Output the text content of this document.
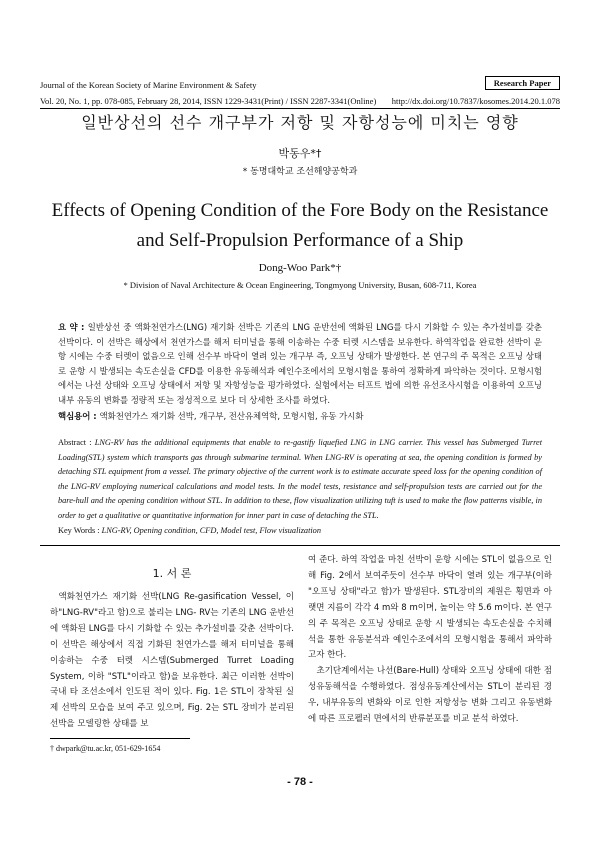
Journal of the Korean Society of Marine Environment & Safety	Research Paper
Vol. 20, No. 1, pp. 078-085, February 28, 2014, ISSN 1229-3431(Print) / ISSN 2287-3341(Online) http://dx.doi.org/10.7837/kosomes.2014.20.1.078
일반상선의 선수 개구부가 저항 및 자항성능에 미치는 영향
박동우*†
* 동명대학교 조선해양공학과
Effects of Opening Condition of the Fore Body on the Resistance and Self-Propulsion Performance of a Ship
Dong-Woo Park*†
* Division of Naval Architecture & Ocean Engineering, Tongmyong University, Busan, 608-711, Korea
요 약 : 일반상선 중 액화천연가스(LNG) 재기화 선박은 기존의 LNG 운반선에 액화된 LNG를 다시 기화할 수 있는 추가설비를 갖춘 선박이다. 이 선박은 해상에서 천연가스를 해저 터미널을 통해 이송하는 수중 터렛 시스템을 보유한다. 하역작업을 완료한 선박이 운항 시에는 수중 터렛이 없음으로 인해 선수부 바닥이 열려 있는 개구부 즉, 오프닝 상태가 발생한다. 본 연구의 주 목적은 오프닝 상태로 운항 시 발생되는 속도손실을 CFD를 이용한 유동해석과 예인수조에서의 모형시험을 통하여 정확하게 파악하는 것이다. 모형시험에서는 나선 상태와 오프닝 상태에서 저항 및 자항성능을 평가하였다. 실험에서는 터프트 법에 의한 유선조사시험을 이용하여 오프닝 내부 유동의 변화를 정량적 또는 정성적으로 보다 더 상세한 조사를 하였다.
핵심용어 : 액화천연가스 재기화 선박, 개구부, 전산유체역학, 모형시험, 유동 가시화
Abstract : LNG-RV has the additional equipments that enable to re-gastify liquefied LNG in LNG carrier. This vessel has Submerged Turret Loading(STL) system which transports gas through submarine terminal. When LNG-RV is operating at sea, the opening condition is formed by detaching STL equipment from a vessel. The primary objective of the current work is to estimate accurate speed loss for the opening condition of the LNG-RV employing numerical calculations and model tests. In the model tests, resistance and self-propulsion tests are carried out for the bare-hull and the opening condition without STL. In addition to these, flow visualization utilizing tuft is used to make the flow patterns visible, in order to get a qualitative or quantitative information for inner part in case of detaching the STL.
Key Words : LNG-RV, Opening condition, CFD, Model test, Flow visualization
1. 서 론

액화천연가스 재기화 선박(LNG Re-gasification Vessel, 이하"LNG-RV"라고 함)으로 불리는 LNG- RV는 기존의 LNG 운반선에 액화된 LNG를 다시 기화할 수 있는 추가설비를 갖춘 선박이다. 이 선박은 해상에서 직접 기화된 천연가스를 해저 터미널을 통해 이송하는 수중 터렛 시스템(Submerged Turret Loading System, 이하 "STL"이라고 함)을 보유한다. 최근 이러한 선박이 국내 타 조선소에서 인도된 적이 있다. Fig. 1은 STL이 장착된 실제 선박의 모습을 보여 주고 있으며, Fig. 2는 STL 장비가 분리된 선박을 모델링한 상태를 보

여 준다. 하역 작업을 마친 선박이 운항 시에는 STL이 없음으로 인해 Fig. 2에서 보여주듯이 선수부 바닥이 열려 있는 개구부(이하 "오프닝 상태"라고 함)가 발생된다. STL장비의 제원은 횡면과 아랫면 지름이 각각 4 m와 8 m이며, 높이는 약 5.6 m이다. 본 연구의 주 목적은 오프닝 상태로 운항 시 발생되는 속도손실을 수치해석을 통한 유동분석과 예인수조에서의 모형시험을 통해서 파악하고자 한다.

초기단계에서는 나선(Bare-Hull) 상태와 오프닝 상태에 대한 점성유동해석을 수행하였다. 점성유동계산에서는 STL이 분리된 경우, 내부유동의 변화와 이로 인한 저항성능 변화 그리고 유동변화에 따른 프로펠러 면에서의 반류분포를 비교 분석 하였다.

† dwpark@tu.ac.kr, 051-629-1654
- 78 -
